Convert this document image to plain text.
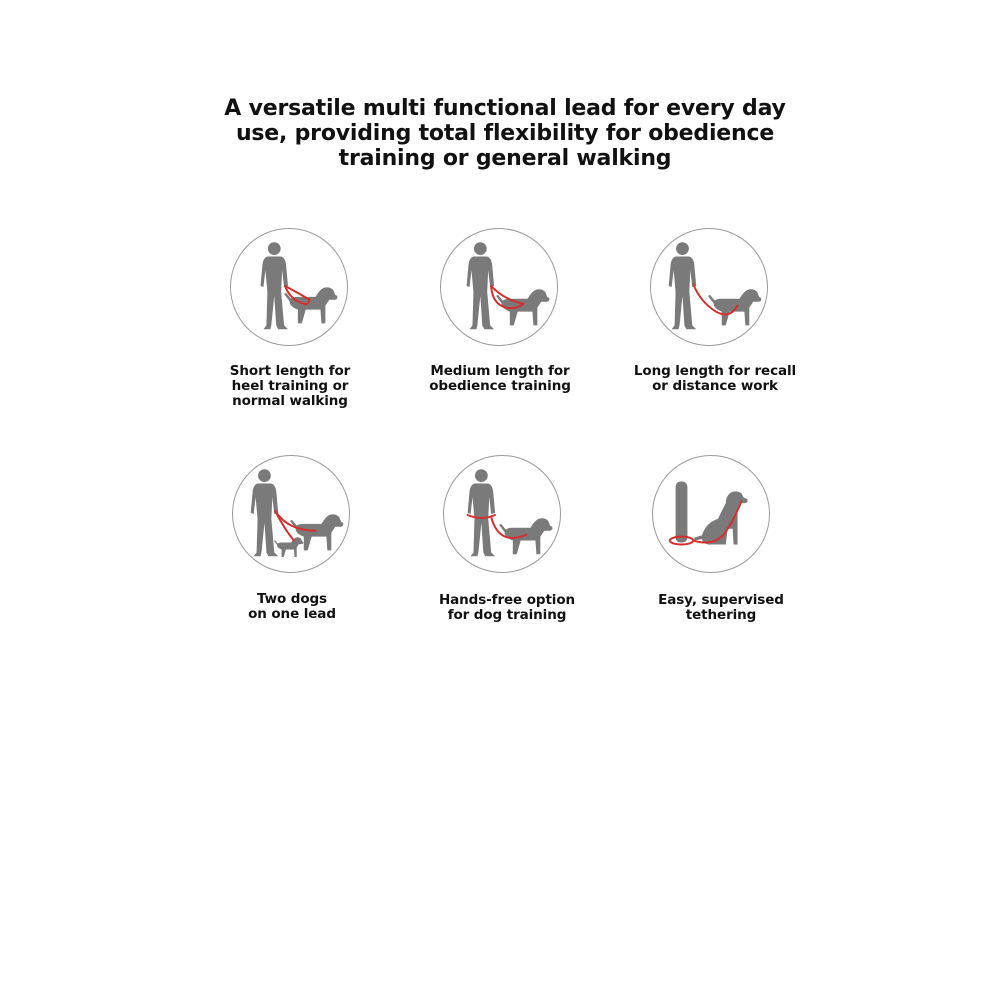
A versatile multi functional lead for every day
use, providing total flexibility for obedience
training or general walking

Short length for
heel training or
normal walking

Medium length for
obedience training

Long length for recall
or distance work

Two dogs
on one lead

Hands-free option
for dog training

Easy, supervised
tethering
